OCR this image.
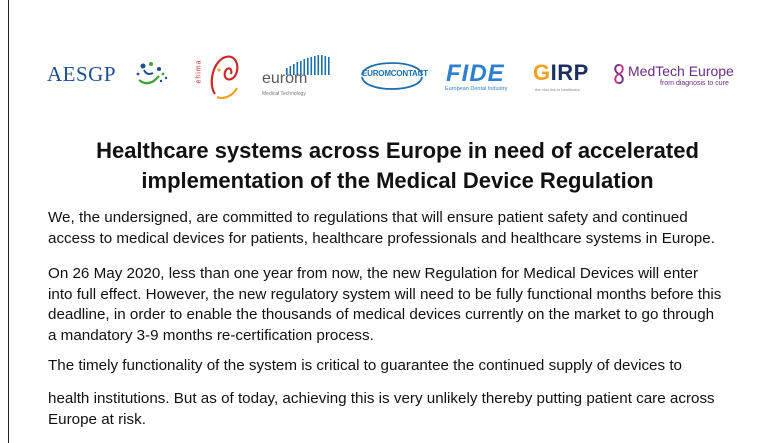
AESGP	ehima	eurom
Medical Technology
EUROMCONTACT FIDE
European Dental Industry
GIRP
the vital link in healthcare
MedTech Europe
from diagnosis to cure
Healthcare systems across Europe in need of accelerated
implementation of the Medical Device Regulation
We, the undersigned, are committed to regulations that will ensure patient safety and continued
access to medical devices for patients, healthcare professionals and healthcare systems in Europe.
On 26 May 2020, less than one year from now, the new Regulation for Medical Devices will enter
into full effect. However, the new regulatory system will need to be fully functional months before this
deadline, in order to enable the thousands of medical devices currently on the market to go through
a mandatory 3-9 months re-certification process.
The timely functionality of the system is critical to guarantee the continued supply of devices to
health institutions. But as of today, achieving this is very unlikely thereby putting patient care across
Europe at risk.
